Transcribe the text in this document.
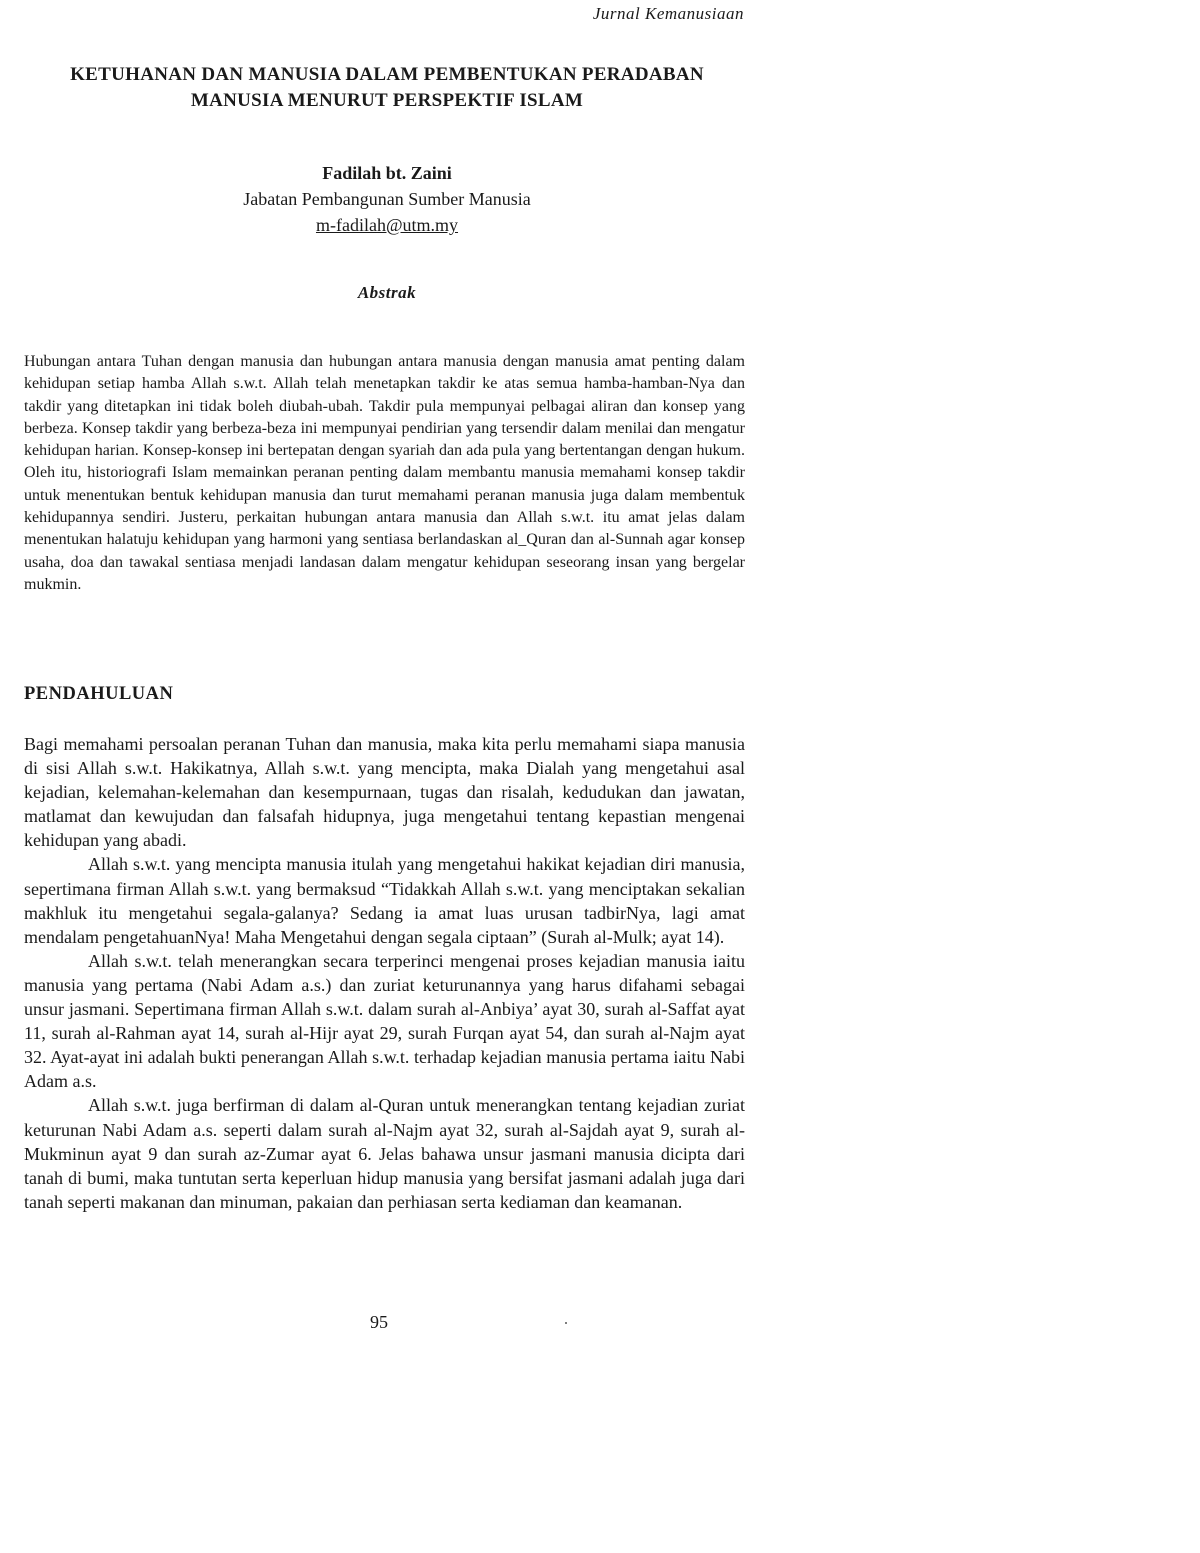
Jurnal Kemanusiaan
KETUHANAN DAN MANUSIA DALAM PEMBENTUKAN PERADABAN
MANUSIA MENURUT PERSPEKTIF ISLAM
Fadilah bt. Zaini
Jabatan Pembangunan Sumber Manusia
m-fadilah@utm.my
Abstrak
Hubungan antara Tuhan dengan manusia dan hubungan antara manusia dengan manusia amat penting dalam kehidupan setiap hamba Allah s.w.t. Allah telah menetapkan takdir ke atas semua hamba-hamban-Nya dan takdir yang ditetapkan ini tidak boleh diubah-ubah. Takdir pula mempunyai pelbagai aliran dan konsep yang berbeza. Konsep takdir yang berbeza-beza ini mempunyai pendirian yang tersendir dalam menilai dan mengatur kehidupan harian. Konsep-konsep ini bertepatan dengan syariah dan ada pula yang bertentangan dengan hukum. Oleh itu, historiografi Islam memainkan peranan penting dalam membantu manusia memahami konsep takdir untuk menentukan bentuk kehidupan manusia dan turut memahami peranan manusia juga dalam membentuk kehidupannya sendiri. Justeru, perkaitan hubungan antara manusia dan Allah s.w.t. itu amat jelas dalam menentukan halatuju kehidupan yang harmoni yang sentiasa berlandaskan al_Quran dan al-Sunnah agar konsep usaha, doa dan tawakal sentiasa menjadi landasan dalam mengatur kehidupan seseorang insan yang bergelar mukmin.
PENDAHULUAN

Bagi memahami persoalan peranan Tuhan dan manusia, maka kita perlu memahami siapa manusia di sisi Allah s.w.t. Hakikatnya, Allah s.w.t. yang mencipta, maka Dialah yang mengetahui asal kejadian, kelemahan-kelemahan dan kesempurnaan, tugas dan risalah, kedudukan dan jawatan, matlamat dan kewujudan dan falsafah hidupnya, juga mengetahui tentang kepastian mengenai kehidupan yang abadi.

Allah s.w.t. yang mencipta manusia itulah yang mengetahui hakikat kejadian diri manusia, sepertimana firman Allah s.w.t. yang bermaksud “Tidakkah Allah s.w.t. yang menciptakan sekalian makhluk itu mengetahui segala-galanya? Sedang ia amat luas urusan tadbirNya, lagi amat mendalam pengetahuanNya! Maha Mengetahui dengan segala ciptaan” (Surah al-Mulk; ayat 14).

Allah s.w.t. telah menerangkan secara terperinci mengenai proses kejadian manusia iaitu manusia yang pertama (Nabi Adam a.s.) dan zuriat keturunannya yang harus difahami sebagai unsur jasmani. Sepertimana firman Allah s.w.t. dalam surah al-Anbiya’ ayat 30, surah al-Saffat ayat 11, surah al-Rahman ayat 14, surah al-Hijr ayat 29, surah Furqan ayat 54, dan surah al-Najm ayat 32. Ayat-ayat ini adalah bukti penerangan Allah s.w.t. terhadap kejadian manusia pertama iaitu Nabi Adam a.s.

Allah s.w.t. juga berfirman di dalam al-Quran untuk menerangkan tentang kejadian zuriat keturunan Nabi Adam a.s. seperti dalam surah al-Najm ayat 32, surah al-Sajdah ayat 9, surah al-Mukminun ayat 9 dan surah az-Zumar ayat 6. Jelas bahawa unsur jasmani manusia dicipta dari tanah di bumi, maka tuntutan serta keperluan hidup manusia yang bersifat jasmani adalah juga dari tanah seperti makanan dan minuman, pakaian dan perhiasan serta kediaman dan keamanan.

95
